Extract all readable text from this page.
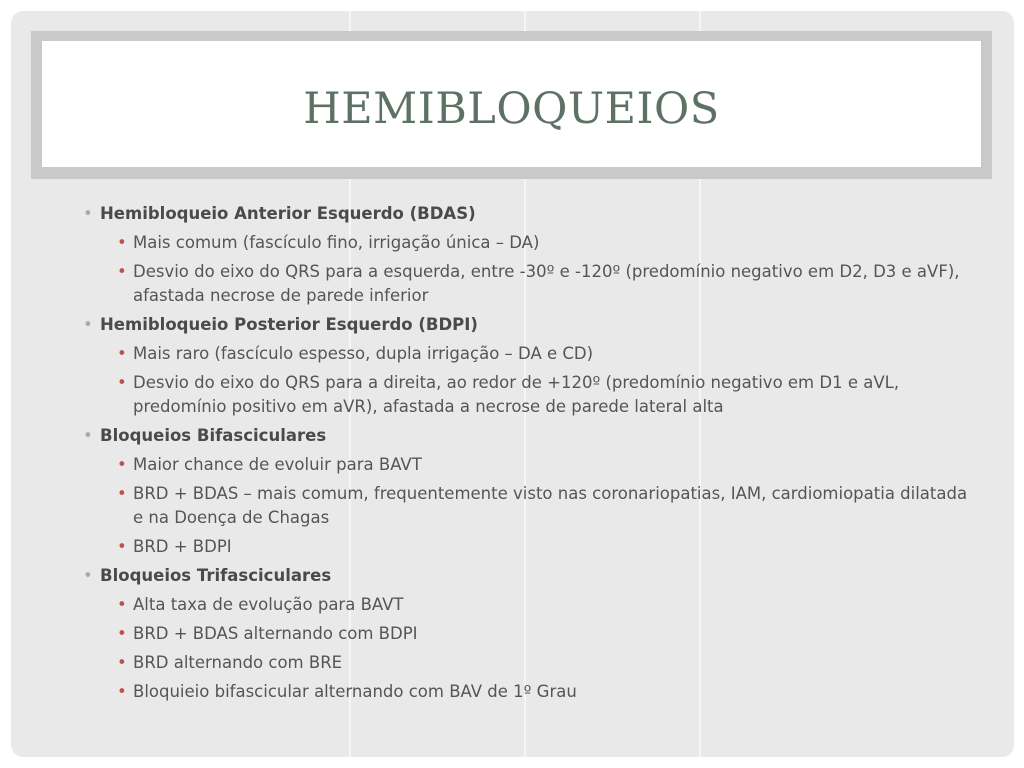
HEMIBLOQUEIOS
• Hemibloqueio Anterior Esquerdo (BDAS)
• Mais comum (fascículo fino, irrigação única – DA)
• Desvio do eixo do QRS para a esquerda, entre -30º e -120º (predomínio negativo em D2, D3 e aVF), afastada necrose de parede inferior
• Hemibloqueio Posterior Esquerdo (BDPI)
• Mais raro (fascículo espesso, dupla irrigação – DA e CD)
• Desvio do eixo do QRS para a direita, ao redor de +120º (predomínio negativo em D1 e aVL, predomínio positivo em aVR), afastada a necrose de parede lateral alta
• Bloqueios Bifasciculares
• Maior chance de evoluir para BAVT
• BRD + BDAS – mais comum, frequentemente visto nas coronariopatias, IAM, cardiomiopatia dilatada e na Doença de Chagas
• BRD + BDPI
• Bloqueios Trifasciculares
• Alta taxa de evolução para BAVT
• BRD + BDAS alternando com BDPI
• BRD alternando com BRE
• Bloquieio bifascicular alternando com BAV de 1º Grau
